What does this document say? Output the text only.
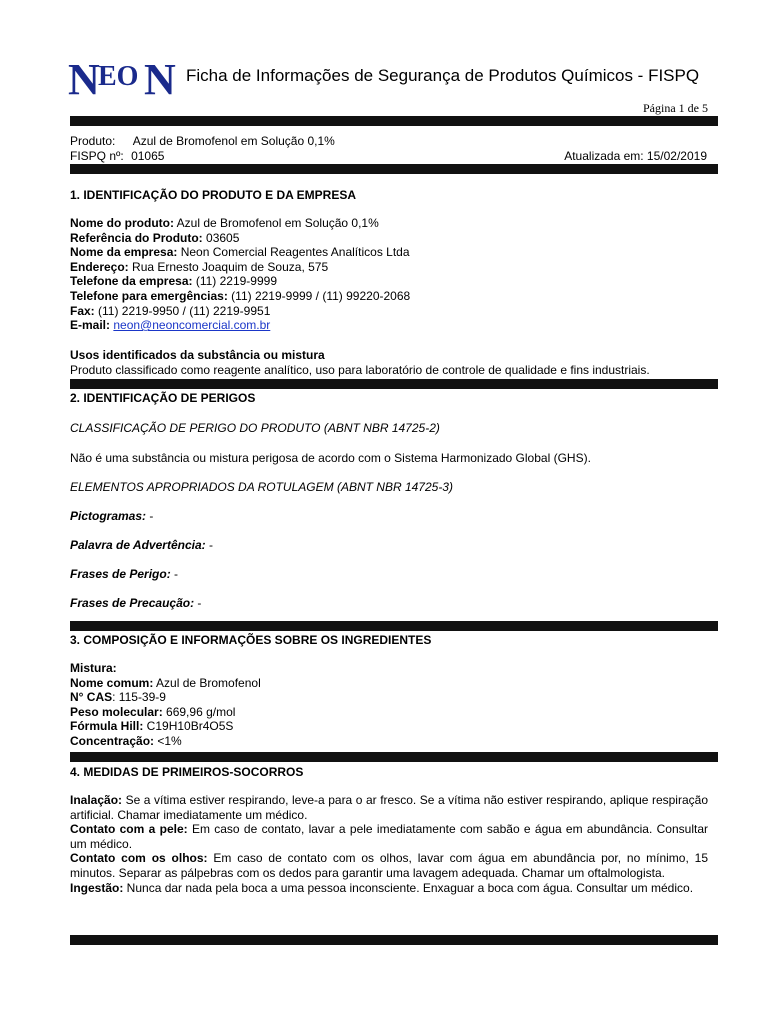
N
EO N Ficha de Informações de Segurança de Produtos Químicos - FISPQ
Página 1 de 5
Produto: Azul de Bromofenol em Solução 0,1%
FISPQ nº: 01065	Atualizada em: 15/02/2019
1. IDENTIFICAÇÃO DO PRODUTO E DA EMPRESA
Nome do produto: Azul de Bromofenol em Solução 0,1%
Referência do Produto: 03605
Nome da empresa: Neon Comercial Reagentes Analíticos Ltda
Endereço: Rua Ernesto Joaquim de Souza, 575
Telefone da empresa: (11) 2219-9999
Telefone para emergências: (11) 2219-9999 / (11) 99220-2068
Fax: (11) 2219-9950 / (11) 2219-9951
E-mail: neon@neoncomercial.com.br
Usos identificados da substância ou mistura
Produto classificado como reagente analítico, uso para laboratório de controle de qualidade e fins industriais.
2. IDENTIFICAÇÃO DE PERIGOS
CLASSIFICAÇÃO DE PERIGO DO PRODUTO (ABNT NBR 14725-2)
Não é uma substância ou mistura perigosa de acordo com o Sistema Harmonizado Global (GHS).
ELEMENTOS APROPRIADOS DA ROTULAGEM (ABNT NBR 14725-3)
Pictogramas: -
Palavra de Advertência: -
Frases de Perigo: -
Frases de Precaução: -
3. COMPOSIÇÃO E INFORMAÇÕES SOBRE OS INGREDIENTES
Mistura:
Nome comum: Azul de Bromofenol
N° CAS: 115-39-9
Peso molecular: 669,96 g/mol
Fórmula Hill: C19H10Br4O5S
Concentração: <1%
4. MEDIDAS DE PRIMEIROS-SOCORROS
Inalação: Se a vítima estiver respirando, leve-a para o ar fresco. Se a vítima não estiver respirando, aplique respiração artificial. Chamar imediatamente um médico.
Contato com a pele: Em caso de contato, lavar a pele imediatamente com sabão e água em abundância. Consultar um médico.
Contato com os olhos: Em caso de contato com os olhos, lavar com água em abundância por, no mínimo, 15 minutos. Separar as pálpebras com os dedos para garantir uma lavagem adequada. Chamar um oftalmologista.
Ingestão: Nunca dar nada pela boca a uma pessoa inconsciente. Enxaguar a boca com água. Consultar um médico.
